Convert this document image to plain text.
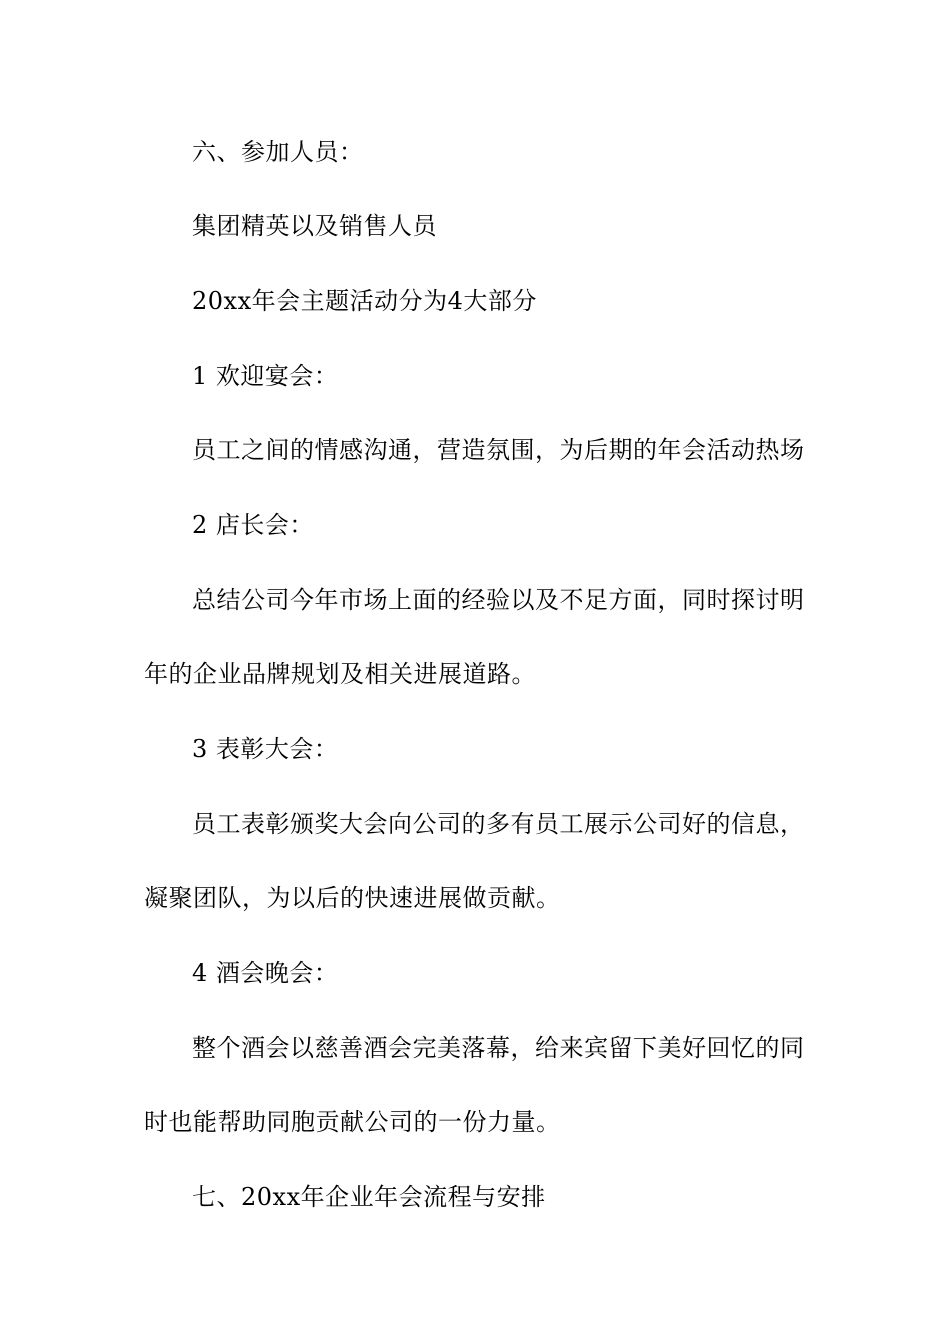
六、参加人员：
集团精英以及销售人员
20xx年会主题活动分为4大部分
1 欢迎宴会：
员工之间的情感沟通，营造氛围，为后期的年会活动热场
2 店长会：
总结公司今年市场上面的经验以及不足方面，同时探讨明
年的企业品牌规划及相关进展道路。
3 表彰大会：
员工表彰颁奖大会向公司的多有员工展示公司好的信息，
凝聚团队，为以后的快速进展做贡献。
4 酒会晚会：
整个酒会以慈善酒会完美落幕，给来宾留下美好回忆的同
时也能帮助同胞贡献公司的一份力量。
七、20xx年企业年会流程与安排
